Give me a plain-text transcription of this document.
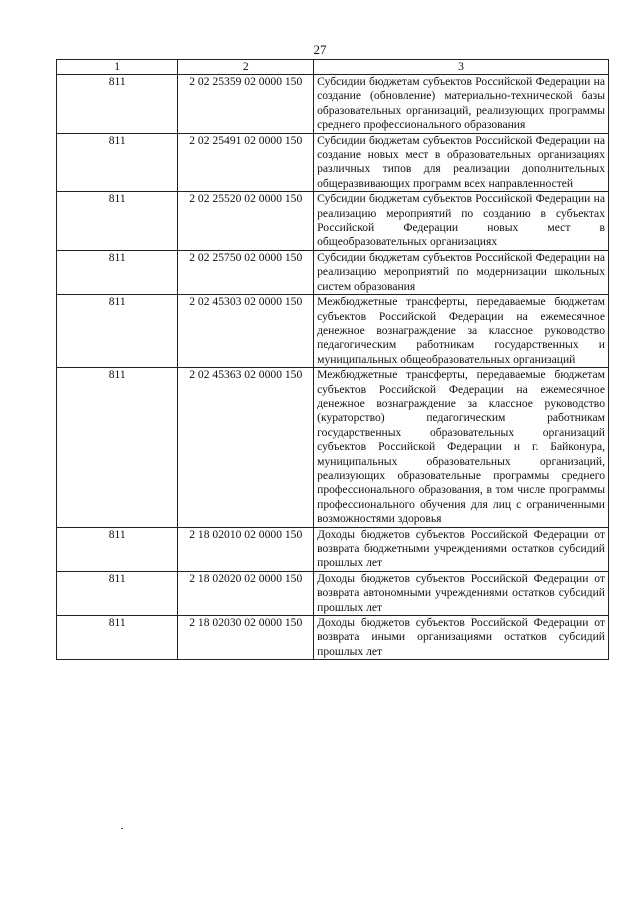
27
1	2	3
811	2 02 25359 02 0000 150	Субсидии бюджетам субъектов Российской Федерации на создание (обновление) материально-технической базы образовательных организаций, реализующих программы среднего профессионального образования
811	2 02 25491 02 0000 150	Субсидии бюджетам субъектов Российской Федерации на создание новых мест в образовательных организациях различных типов для реализации дополнительных общеразвивающих программ всех направленностей
811	2 02 25520 02 0000 150	Субсидии бюджетам субъектов Российской Федерации на реализацию мероприятий по созданию в субъектах Российской Федерации новых мест в общеобразовательных организациях
811	2 02 25750 02 0000 150	Субсидии бюджетам субъектов Российской Федерации на реализацию мероприятий по модернизации школьных систем образования
811	2 02 45303 02 0000 150	Межбюджетные трансферты, передаваемые бюджетам субъектов Российской Федерации на ежемесячное денежное вознаграждение за классное руководство педагогическим работникам государственных и муниципальных общеобразовательных организаций
811	2 02 45363 02 0000 150	Межбюджетные трансферты, передаваемые бюджетам субъектов Российской Федерации на ежемесячное денежное вознаграждение за классное руководство (кураторство) педагогическим работникам государственных образовательных организаций субъектов Российской Федерации и г. Байконура, муниципальных образовательных организаций, реализующих образовательные программы среднего профессионального образования, в том числе программы профессионального обучения для лиц с ограниченными возможностями здоровья
811	2 18 02010 02 0000 150	Доходы бюджетов субъектов Российской Федерации от возврата бюджетными учреждениями остатков субсидий прошлых лет
811	2 18 02020 02 0000 150	Доходы бюджетов субъектов Российской Федерации от возврата автономными учреждениями остатков субсидий прошлых лет
811	2 18 02030 02 0000 150	Доходы бюджетов субъектов Российской Федерации от возврата иными организациями остатков субсидий прошлых лет
